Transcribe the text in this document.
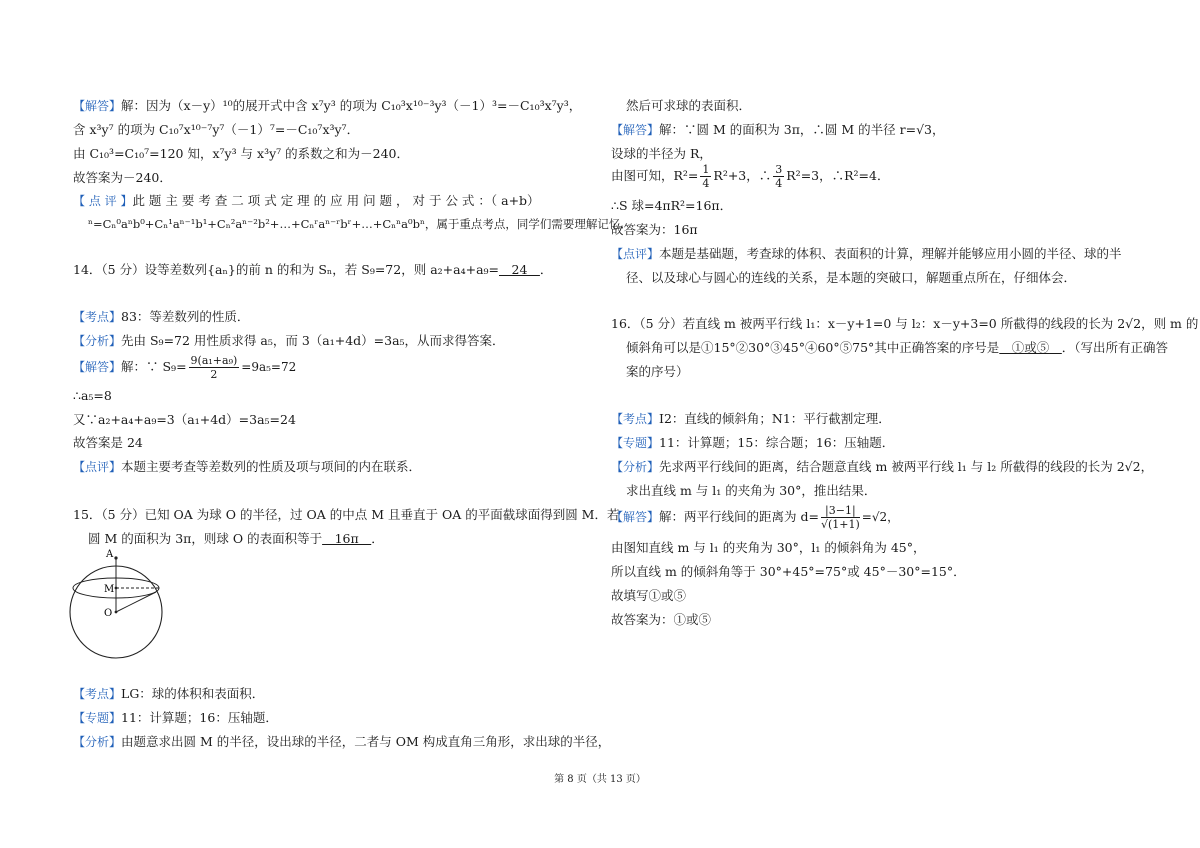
【解答】解：因为（x－y）¹⁰的展开式中含 x⁷y³ 的项为 C₁₀³x¹⁰⁻³y³（－1）³=－C₁₀³x⁷y³，
含 x³y⁷ 的项为 C₁₀⁷x¹⁰⁻⁷y⁷（－1）⁷=－C₁₀⁷x³y⁷．
由 C₁₀³=C₁₀⁷=120 知，x⁷y³ 与 x³y⁷ 的系数之和为－240．
故答案为－240．
【 点 评 】此 题 主 要 考 查 二 项 式 定 理 的 应 用 问 题 ， 对 于 公 式 ：（ a+b）
ⁿ=Cₙ⁰aⁿb⁰+Cₙ¹aⁿ⁻¹b¹+Cₙ²aⁿ⁻²b²+…+Cₙʳaⁿ⁻ʳbʳ+…+Cₙⁿa⁰bⁿ，属于重点考点，同学们需要理解记忆．
14．（5 分）设等差数列{aₙ}的前 n 的和为 Sₙ，若 S₉=72，则 a₂+a₄+a₉=　24　．
【考点】83：等差数列的性质．
【分析】先由 S₉=72 用性质求得 a₅，而 3（a₁+4d）=3a₅，从而求得答案．
【解答】解：∵ $S_9= \frac{\text{9(a₁+a₉)}}{2} =9a_5=72$
∴a₅=8
又∵a₂+a₄+a₉=3（a₁+4d）=3a₅=24
故答案是 24
【点评】本题主要考查等差数列的性质及项与项间的内在联系．
15．（5 分）已知 OA 为球 O 的半径，过 OA 的中点 M 且垂直于 OA 的平面截球面得到圆 M．若
圆 M 的面积为 3π，则球 O 的表面积等于　16π　．
A
M
O
【考点】LG：球的体积和表面积．
【专题】11：计算题；16：压轴题．
【分析】由题意求出圆 M 的半径，设出球的半径，二者与 OM 构成直角三角形，求出球的半径，
然后可求球的表面积．
【解答】解：∵圆 M 的面积为 3π，∴圆 M 的半径 r=√3，
设球的半径为 R，
由图可知，$R^2= \frac{1}{4} R^2+3$，∴ $\frac{3}{4} R^2=3$，∴R²=4．
∴S 球=4πR²=16π．
故答案为：16π
【点评】本题是基础题，考查球的体积、表面积的计算，理解并能够应用小圆的半径、球的半
径、以及球心与圆心的连线的关系，是本题的突破口，解题重点所在，仔细体会．
16．（5 分）若直线 m 被两平行线 l₁：x－y+1=0 与 l₂：x－y+3=0 所截得的线段的长为 2√2，则 m 的
倾斜角可以是①15°②30°③45°④60°⑤75°其中正确答案的序号是　①或⑤　．（写出所有正确答
案的序号）
【考点】I2：直线的倾斜角；N1：平行截割定理．
【专题】11：计算题；15：综合题；16：压轴题．
【分析】先求两平行线间的距离，结合题意直线 m 被两平行线 l₁ 与 l₂ 所截得的线段的长为 2√2，
求出直线 m 与 l₁ 的夹角为 30°，推出结果．
【解答】解：两平行线间的距离为 $d= \frac{|3-1|}{√(1+1)} =√2$，
由图知直线 m 与 l₁ 的夹角为 30°，l₁ 的倾斜角为 45°，
所以直线 m 的倾斜角等于 30°+45°=75°或 45°－30°=15°．
故填写①或⑤
故答案为：①或⑤
第 8 页（共 13 页）
